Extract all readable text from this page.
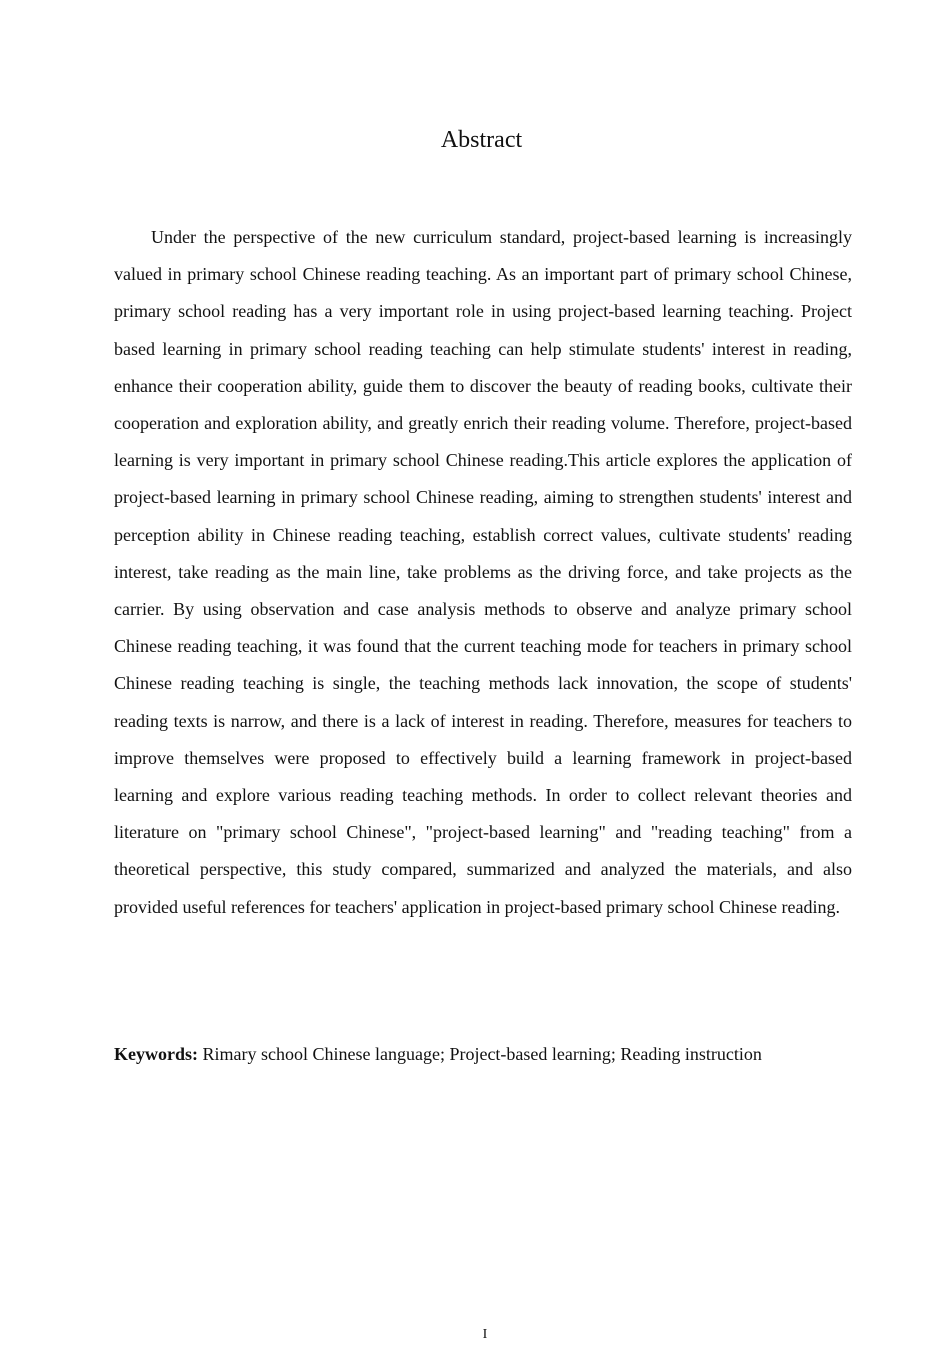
Abstract

Under the perspective of the new curriculum standard, project-based learning is increasingly valued in primary school Chinese reading teaching. As an important part of primary school Chinese, primary school reading has a very important role in using project-based learning teaching. Project based learning in primary school reading teaching can help stimulate students' interest in reading, enhance their cooperation ability, guide them to discover the beauty of reading books, cultivate their cooperation and exploration ability, and greatly enrich their reading volume. Therefore, project-based learning is very important in primary school Chinese reading.This article explores the application of project-based learning in primary school Chinese reading, aiming to strengthen students' interest and perception ability in Chinese reading teaching, establish correct values, cultivate students' reading interest, take reading as the main line, take problems as the driving force, and take projects as the carrier. By using observation and case analysis methods to observe and analyze primary school Chinese reading teaching, it was found that the current teaching mode for teachers in primary school Chinese reading teaching is single, the teaching methods lack innovation, the scope of students' reading texts is narrow, and there is a lack of interest in reading. Therefore, measures for teachers to improve themselves were proposed to effectively build a learning framework in project-based learning and explore various reading teaching methods. In order to collect relevant theories and literature on "primary school Chinese", "project-based learning" and "reading teaching" from a theoretical perspective, this study compared, summarized and analyzed the materials, and also provided useful references for teachers' application in project-based primary school Chinese reading.

Keywords: Rimary school Chinese language; Project-based learning; Reading instruction

I
